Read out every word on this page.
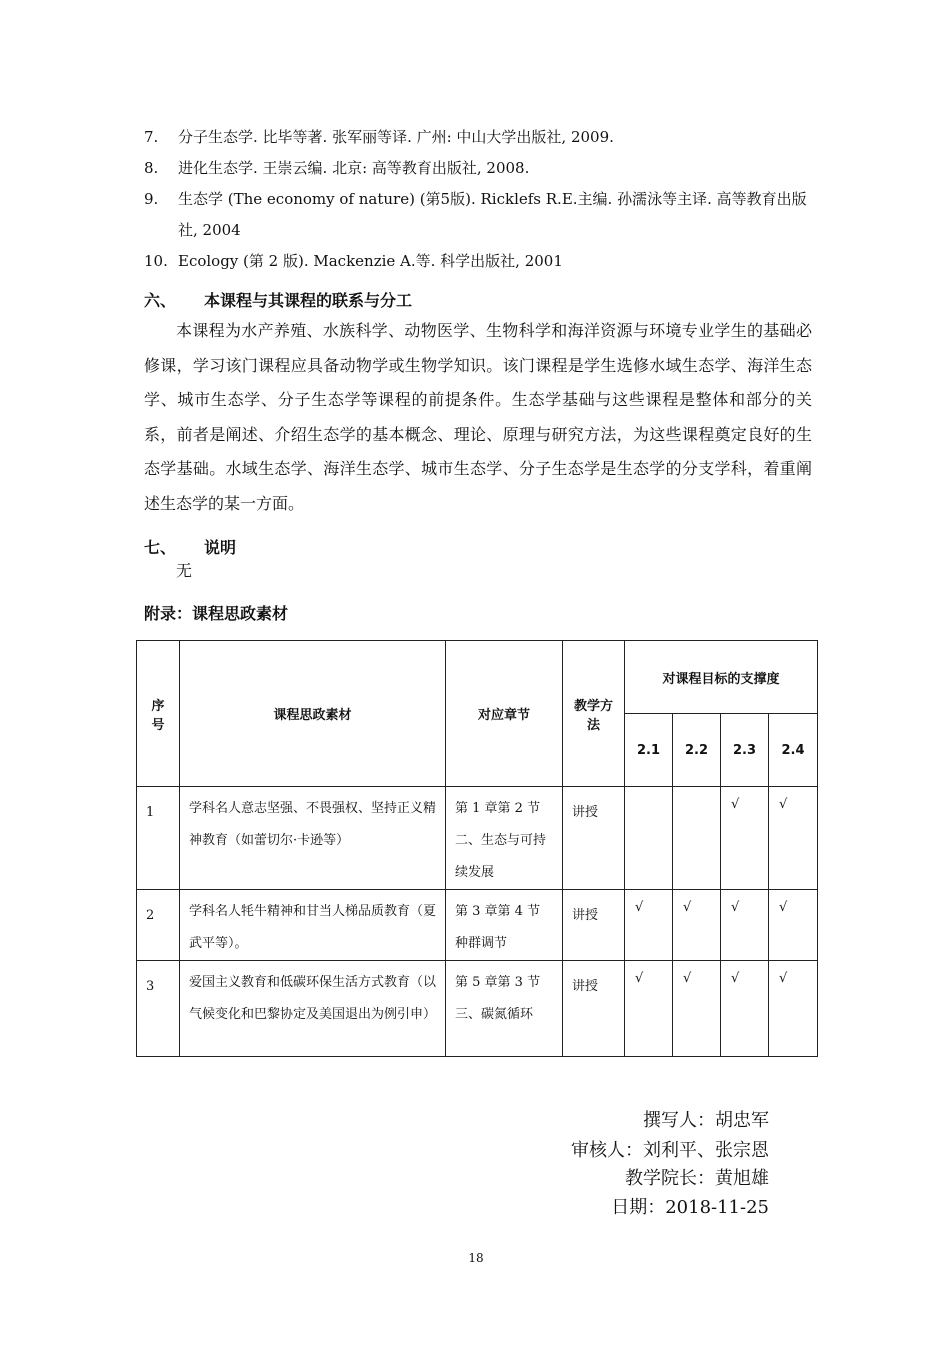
7.	分子生态学. 比毕等著. 张军丽等译. 广州: 中山大学出版社, 2009.
8.	进化生态学. 王崇云编. 北京: 高等教育出版社, 2008.
9.	生态学 (The economy of nature) (第5版). Ricklefs R.E.主编. 孙濡泳等主译. 高等教育出版社, 2004
10. Ecology (第 2 版). Mackenzie A.等. 科学出版社, 2001
六、 本课程与其课程的联系与分工
本课程为水产养殖、水族科学、动物医学、生物科学和海洋资源与环境专业学生的基础必修课，学习该门课程应具备动物学或生物学知识。该门课程是学生选修水域生态学、海洋生态学、城市生态学、分子生态学等课程的前提条件。生态学基础与这些课程是整体和部分的关系，前者是阐述、介绍生态学的基本概念、理论、原理与研究方法，为这些课程奠定良好的生态学基础。水域生态学、海洋生态学、城市生态学、分子生态学是生态学的分支学科，着重阐述生态学的某一方面。
七、 说明
无
附录：课程思政素材
序号	课程思政素材	对应章节	教学方法	对课程目标的支撑度			
				2.1	2.2	2.3	2.4

1	学科名人意志坚强、不畏强权、坚持正义精神教育（如蕾切尔·卡逊等）	第 1 章第 2 节 二、生态与可持续发展	讲授			√	√

2	学科名人牦牛精神和甘当人梯品质教育（夏武平等）。	第 3 章第 4 节 种群调节	讲授	√	√	√	√

3	爱国主义教育和低碳环保生活方式教育（以气候变化和巴黎协定及美国退出为例引申）	第 5 章第 3 节 三、碳氮循环	讲授	√	√	√	√
撰写人：胡忠军
审核人：刘利平、张宗恩
教学院长：黄旭雄
日期：2018-11-25
18
